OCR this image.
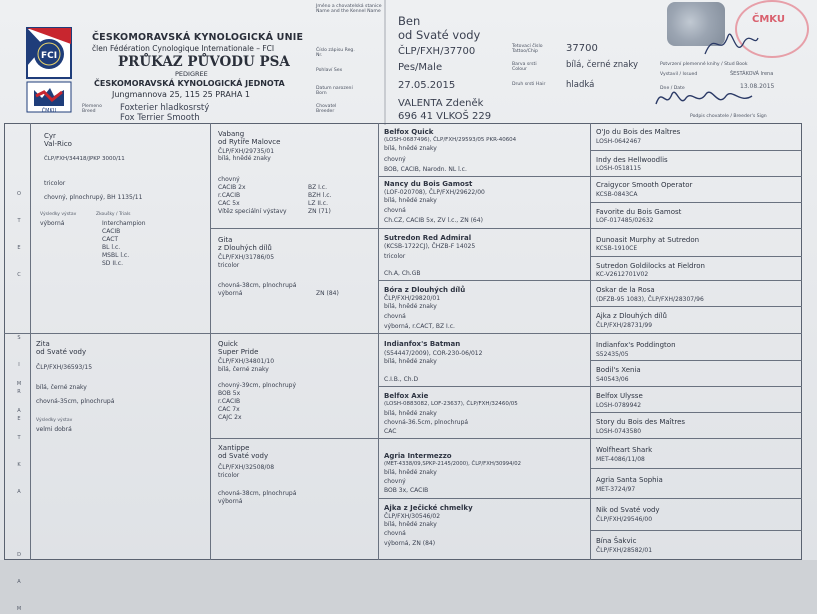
FCI
ČMKU
ČESKOMORAVSKÁ KYNOLOGICKÁ UNIE
člen Fédération Cynologique Internationale – FCI
PRŮKAZ PŮVODU PSA
PEDIGREE
ČESKOMORAVSKÁ KYNOLOGICKÁ JEDNOTA
Jungmannova 25, 115 25 PRAHA 1
Plemeno Breed	Foxterier hladkosrstý
Fox Terrier Smooth
Jméno a chovatelská stanice Name and the Kennel Name
Číslo zápisu Reg. Nr.
Pohlaví Sex
Datum narození Born
Chovatel Breeder
Ben
od Svaté vody
ČLP/FXH/37700
Pes/Male
27.05.2015
VALENTA Zdeněk
696 41 VLKOŠ 229
Tetovací číslo Tattoo/Chip
Barva srsti Colour
Druh srsti Hair
37700
bílá, černé znaky
hladká
Potvrzení plemenné knihy / Stud Book
Vystavil / Issued	ŠESTÁKOVÁ Irena
Dne / Date	13.08.2015
Podpis chovatele / Breeder's Sign
ČMKU
O

T

E

C

S

I

R

E
M

A

T

K

A

D

A

M
Cyr
Val-Rico
ČLP/FXH/34418/JPKP 3000/11
tricolor
chovný, plnochrupý, BH 1135/11
Výsledky výstav	Zkoušky / Trials
výborná	Interchampion
CACIB
CACT
BL l.c.
MSBL l.c.
SD II.c.
Zita
od Svaté vody
ČLP/FXH/36593/15
bílá, černé znaky
chovná-35cm, plnochrupá
Výsledky výstav
velmi dobrá
Vabang
od Rytíře Malovce
ČLP/FXH/29735/01
bílá, hnědé znaky
chovný
CACIB 2x
r.CACIB
CAC 5x
Vítěz speciální výstavy
BZ I.c.
BZH l.c.
LZ II.c.
ZN (71)
Gita
z Dlouhých dílů
ČLP/FXH/31786/05
tricolor
chovná-38cm, plnochrupá
výborná	ZN (84)
Quick
Super Pride
ČLP/FXH/34801/10
bílá, černé znaky
chovný-39cm, plnochrupý
BOB 5x
r.CACIB
CAC 7x
CAJC 2x
Xantippe
od Svaté vody
ČLP/FXH/32508/08
tricolor
chovná-38cm, plnochrupá
výborná
Belfox Quick
(LOSH-0687496), ČLP/FXH/29593/05 PKR-40604
bílá, hnědé znaky
chovný
BOB, CACIB, Narodn. NL l.c.
Nancy du Bois Gamost
(LOF-020708), ČLP/FXH/29622/00
bílá, hnědé znaky
chovná
Ch.CZ, CACIB 5x, ZV l.c., ZN (64)
Sutredon Red Admiral
(KCSB-1722CJ), ČHZB-F 14025
tricolor
Ch.A, Ch.GB
Bóra z Dlouhých dílů
ČLP/FXH/29820/01
bílá, hnědé znaky
chovná
výborná, r.CACT, BZ I.c.
Indianfox's Batman
(S54447/2009), COR-230-06/012
bílá, hnědé znaky
C.I.B., Ch.D
Belfox Axie
(LOSH-0883082, LOF-23637), ČLP/FXH/32460/05
bílá, hnědé znaky
chovná-36.5cm, plnochrupá
CAC
Agria Intermezzo
(MET-4338/09,SPKP-2145/2000), ČLP/FXH/30994/02
bílá, hnědé znaky
chovný
BOB 3x, CACIB
Ajka z Ječické chmelky
ČLP/FXH/30546/02
bílá, hnědé znaky
chovná
výborná, ZN (84)
O'Jo du Bois des Maîtres
LOSH-0642467
Indy des Hellwoodlis
LOSH-0518115
Craigycor Smooth Operator
KCSB-0843CA
Favorite du Bois Gamost
LOF-017485/02632
Dunoasit Murphy at Sutredon
KCSB-1910CE
Sutredon Goldilocks at Fieldron
KC-V2612701V02
Oskar de la Rosa
(DFZB-95 1083), ČLP/FXH/28307/96
Ajka z Dlouhých dílů
ČLP/FXH/28731/99
Indianfox's Poddington
S52435/05
Bodil's Xenia
S40543/06
Belfox Ulysse
LOSH-0789942
Story du Bois des Maîtres
LOSH-0743580
Wolfheart Shark
MET-4086/11/08
Agria Santa Sophia
MET-3724/97
Nik od Svaté vody
ČLP/FXH/29546/00
Bína Šakvic
ČLP/FXH/28582/01
